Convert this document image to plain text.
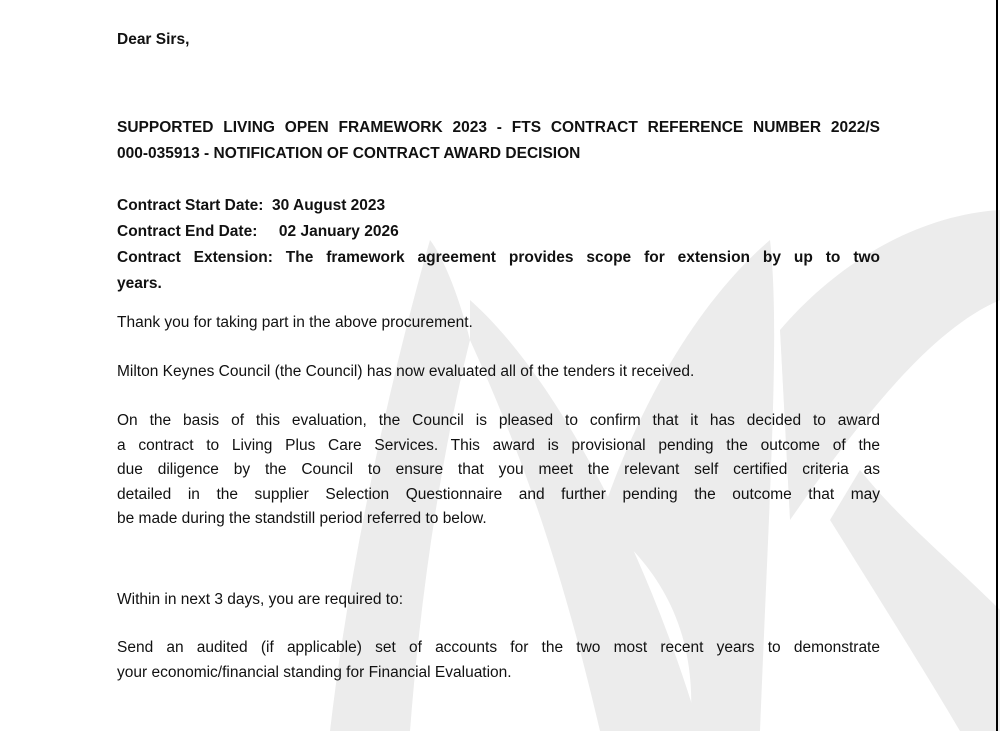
Dear Sirs,
SUPPORTED LIVING OPEN FRAMEWORK 2023 - FTS CONTRACT REFERENCE NUMBER 2022/S
000-035913 - NOTIFICATION OF CONTRACT AWARD DECISION
Contract Start Date:  30 August 2023
Contract End Date:     02 January 2026
Contract Extension: The framework agreement provides scope for extension by up to two
years.
Thank you for taking part in the above procurement.
Milton Keynes Council (the Council) has now evaluated all of the tenders it received.
On the basis of this evaluation, the Council is pleased to confirm that it has decided to award
a contract to Living Plus Care Services. This award is provisional pending the outcome of the
due diligence by the Council to ensure that you meet the relevant self certified criteria as
detailed in the supplier Selection Questionnaire and further pending the outcome that may
be made during the standstill period referred to below.
Within in next 3 days, you are required to:
Send an audited (if applicable) set of accounts for the two most recent years to demonstrate
your economic/financial standing for Financial Evaluation.
